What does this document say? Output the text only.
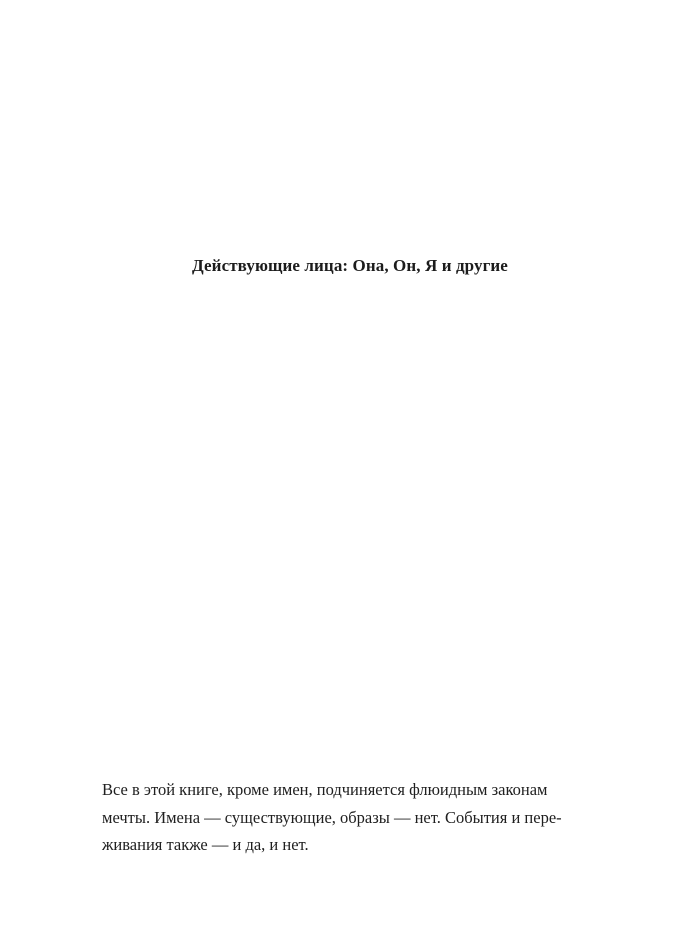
Действующие лица: Она, Он, Я и другие
Все в этой книге, кроме имен, подчиняется флюидным законам
мечты. Имена — существующие, образы — нет. События и пере-
живания также — и да, и нет.
